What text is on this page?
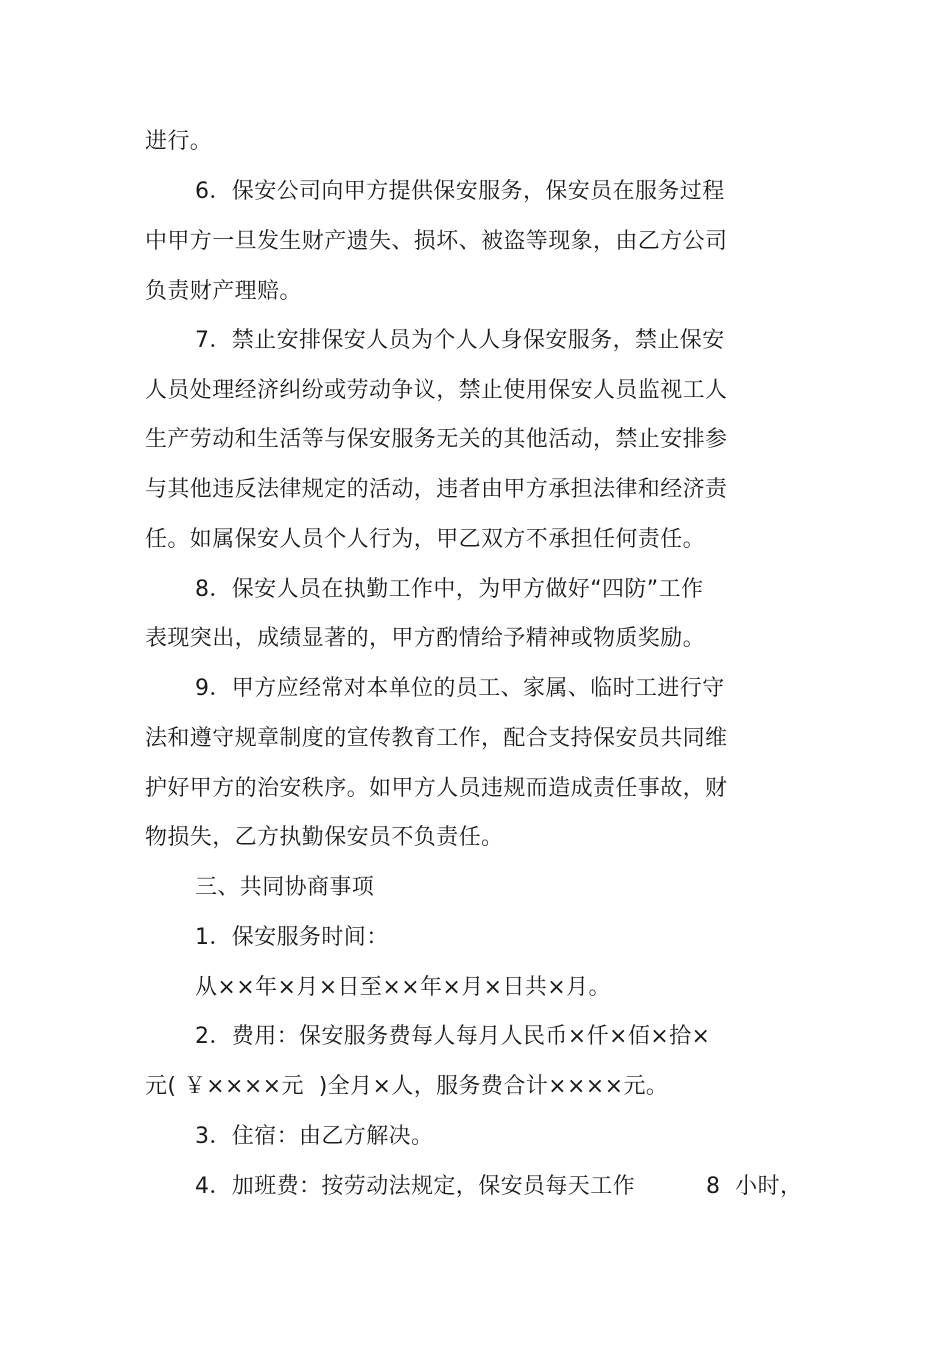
进行。
6．保安公司向甲方提供保安服务，保安员在服务过程
中甲方一旦发生财产遗失、损坏、被盗等现象，由乙方公司
负责财产理赔。
7．禁止安排保安人员为个人人身保安服务，禁止保安
人员处理经济纠纷或劳动争议，禁止使用保安人员监视工人
生产劳动和生活等与保安服务无关的其他活动，禁止安排参
与其他违反法律规定的活动，违者由甲方承担法律和经济责
任。如属保安人员个人行为，甲乙双方不承担任何责任。
8．保安人员在执勤工作中，为甲方做好“四防”工作
表现突出，成绩显著的，甲方酌情给予精神或物质奖励。
9．甲方应经常对本单位的员工、家属、临时工进行守
法和遵守规章制度的宣传教育工作，配合支持保安员共同维
护好甲方的治安秩序。如甲方人员违规而造成责任事故，财
物损失，乙方执勤保安员不负责任。
三、共同协商事项
1．保安服务时间：
从××年×月×日至××年×月×日共×月。
2．费用：保安服务费每人每月人民币×仟×佰×拾×
元( ￥××××元  )全月×人，服务费合计××××元。
3．住宿：由乙方解决。
4．加班费：按劳动法规定，保安员每天工作	8  小时，
